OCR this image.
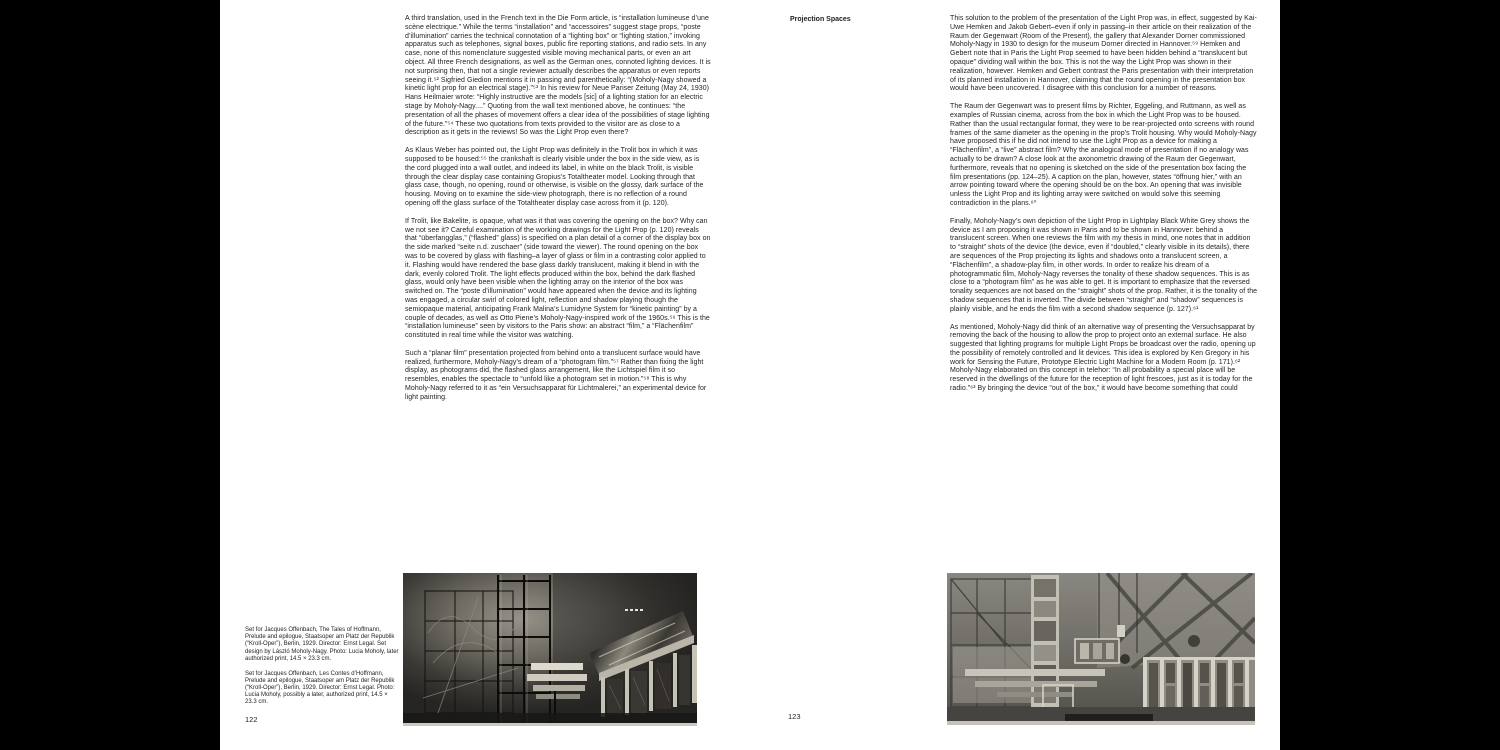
Projection Spaces

A third translation, used in the French text in the Die Form article, is “installation lumineuse d’une scène electrique.” While the terms “installation” and “accessoires” suggest stage props, “poste d’illumination” carries the technical connotation of a “lighting box” or “lighting station,” invoking apparatus such as telephones, signal boxes, public fire reporting stations, and radio sets. In any case, none of this nomenclature suggested visible moving mechanical parts, or even an art object. All three French designations, as well as the German ones, connoted lighting devices. It is not surprising then, that not a single reviewer actually describes the apparatus or even reports seeing it.⁵² Sigfried Giedion mentions it in passing and parenthetically: “(Moholy-Nagy showed a kinetic light prop for an electrical stage).”⁵³ In his review for Neue Pariser Zeitung (May 24, 1930) Hans Heilmaier wrote: “Highly instructive are the models [sic] of a lighting station for an electric stage by Moholy-Nagy....” Quoting from the wall text mentioned above, he continues: “the presentation of all the phases of movement offers a clear idea of the possibilities of stage lighting of the future.”⁵⁴ These two quotations from texts provided to the visitor are as close to a description as it gets in the reviews! So was the Light Prop even there?

As Klaus Weber has pointed out, the Light Prop was definitely in the Trolit box in which it was supposed to be housed:⁵⁵ the crankshaft is clearly visible under the box in the side view, as is the cord plugged into a wall outlet, and indeed its label, in white on the black Trolit, is visible through the clear display case containing Gropius’s Totaltheater model. Looking through that glass case, though, no opening, round or otherwise, is visible on the glossy, dark surface of the housing. Moving on to examine the side-view photograph, there is no reflection of a round opening off the glass surface of the Totaltheater display case across from it (p. 120).

If Trolit, like Bakelite, is opaque, what was it that was covering the opening on the box? Why can we not see it? Careful examination of the working drawings for the Light Prop (p. 120) reveals that “überfangglas,” (“flashed” glass) is specified on a plan detail of a corner of the display box on the side marked “seite n.d. zuschaer” (side toward the viewer). The round opening on the box was to be covered by glass with flashing–a layer of glass or film in a contrasting color applied to it. Flashing would have rendered the base glass darkly translucent, making it blend in with the dark, evenly colored Trolit. The light effects produced within the box, behind the dark flashed glass, would only have been visible when the lighting array on the interior of the box was switched on. The “poste d’illumination” would have appeared when the device and its lighting was engaged, a circular swirl of colored light, reflection and shadow playing though the semiopaque material, anticipating Frank Malina’s Lumidyne System for “kinetic painting” by a couple of decades, as well as Otto Piene’s Moholy-Nagy-inspired work of the 1960s.⁵⁶ This is the “installation lumineuse” seen by visitors to the Paris show: an abstract “film,” a “Flächenfilm” constituted in real time while the visitor was watching.

Such a “planar film” presentation projected from behind onto a translucent surface would have realized, furthermore, Moholy-Nagy’s dream of a “photogram film.”⁵⁷ Rather than fixing the light display, as photograms did, the flashed glass arrangement, like the Lichtspiel film it so resembles, enables the spectacle to “unfold like a photogram set in motion.”⁵⁸ This is why Moholy-Nagy referred to it as “ein Versuchsapparat für Lichtmalerei,” an experimental device for light painting.

This solution to the problem of the presentation of the Light Prop was, in effect, suggested by Kai-Uwe Hemken and Jakob Gebert–even if only in passing–in their article on their realization of the Raum der Gegenwart (Room of the Present), the gallery that Alexander Dorner commissioned Moholy-Nagy in 1930 to design for the museum Dorner directed in Hannover.⁵⁹ Hemken and Gebert note that in Paris the Light Prop seemed to have been hidden behind a “translucent but opaque” dividing wall within the box. This is not the way the Light Prop was shown in their realization, however. Hemken and Gebert contrast the Paris presentation with their interpretation of its planned installation in Hannover, claiming that the round opening in the presentation box would have been uncovered. I disagree with this conclusion for a number of reasons.

The Raum der Gegenwart was to present films by Richter, Eggeling, and Ruttmann, as well as examples of Russian cinema, across from the box in which the Light Prop was to be housed. Rather than the usual rectangular format, they were to be rear-projected onto screens with round frames of the same diameter as the opening in the prop’s Trolit housing. Why would Moholy-Nagy have proposed this if he did not intend to use the Light Prop as a device for making a “Flächenfilm”, a “live” abstract film? Why the analogical mode of presentation if no analogy was actually to be drawn? A close look at the axonometric drawing of the Raum der Gegenwart, furthermore, reveals that no opening is sketched on the side of the presentation box facing the film presentations (pp. 124–25). A caption on the plan, however, states “öffnung hier,” with an arrow pointing toward where the opening should be on the box. An opening that was invisible unless the Light Prop and its lighting array were switched on would solve this seeming contradiction in the plans.⁶⁰

Finally, Moholy-Nagy’s own depiction of the Light Prop in Lightplay Black White Grey shows the device as I am proposing it was shown in Paris and to be shown in Hannover: behind a translucent screen. When one reviews the film with my thesis in mind, one notes that in addition to “straight” shots of the device (the device, even if “doubled,” clearly visible in its details), there are sequences of the Prop projecting its lights and shadows onto a translucent screen, a “Flächenfilm”, a shadow-play film, in other words. In order to realize his dream of a photogrammatic film, Moholy-Nagy reverses the tonality of these shadow sequences. This is as close to a “photogram film” as he was able to get. It is important to emphasize that the reversed tonality sequences are not based on the “straight” shots of the prop. Rather, it is the tonality of the shadow sequences that is inverted. The divide between “straight” and “shadow” sequences is plainly visible, and he ends the film with a second shadow sequence (p. 127).⁶¹

As mentioned, Moholy-Nagy did think of an alternative way of presenting the Versuchsapparat by removing the back of the housing to allow the prop to project onto an external surface. He also suggested that lighting programs for multiple Light Props be broadcast over the radio, opening up the possibility of remotely controlled and lit devices. This idea is explored by Ken Gregory in his work for Sensing the Future, Prototype Electric Light Machine for a Modern Room (p. 171).⁶² Moholy-Nagy elaborated on this concept in telehor: “In all probability a special place will be reserved in the dwellings of the future for the reception of light frescoes, just as it is today for the radio.”⁶³ By bringing the device “out of the box,” it would have become something that could

Set for Jacques Offenbach, The Tales of Hoffmann, Prelude and epilogue, Staatsoper am Platz der Republik (“Kroll-Oper”), Berlin, 1929. Director: Ernst Legal. Set design by László Moholy-Nagy. Photo: Lucia Moholy, later authorized print, 14.5 × 23.3 cm.

Set for Jacques Offenbach, Les Contes d’Hoffmann, Prelude and epilogue, Staatsoper am Platz der Republik (“Kroll-Oper”), Berlin, 1929. Director: Ernst Legal. Photo: Lucia Moholy, possibly a later, authorized print, 14.5 × 23.3 cm.

122	123
